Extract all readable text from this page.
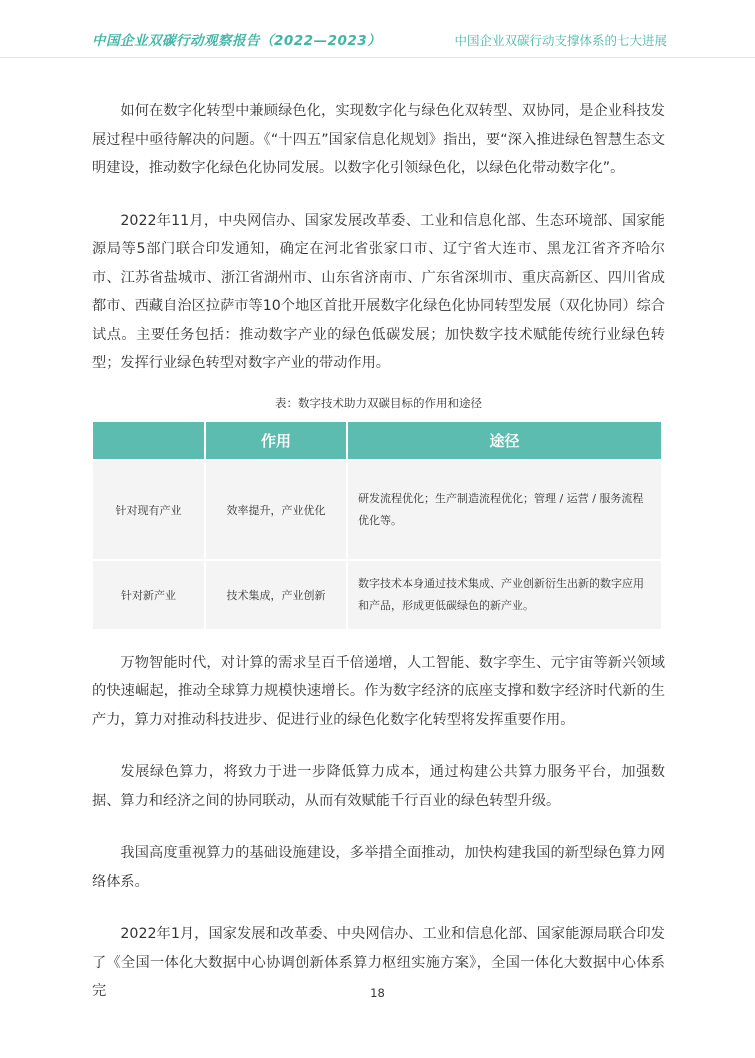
中国企业双碳行动观察报告（2022—2023）	中国企业双碳行动支撑体系的七大进展

如何在数字化转型中兼顾绿色化，实现数字化与绿色化双转型、双协同，是企业科技发展过程中亟待解决的问题。《“十四五”国家信息化规划》指出，要“深入推进绿色智慧生态文明建设，推动数字化绿色化协同发展。以数字化引领绿色化，以绿色化带动数字化”。

2022年11月，中央网信办、国家发展改革委、工业和信息化部、生态环境部、国家能源局等5部门联合印发通知，确定在河北省张家口市、辽宁省大连市、黑龙江省齐齐哈尔市、江苏省盐城市、浙江省湖州市、山东省济南市、广东省深圳市、重庆高新区、四川省成都市、西藏自治区拉萨市等10个地区首批开展数字化绿色化协同转型发展（双化协同）综合试点。主要任务包括：推动数字产业的绿色低碳发展；加快数字技术赋能传统行业绿色转型；发挥行业绿色转型对数字产业的带动作用。

表：数字技术助力双碳目标的作用和途径
	作用	途径
针对现有产业	效率提升，产业优化	研发流程优化；生产制造流程优化；管理 / 运营 / 服务流程优化等。
针对新产业	技术集成，产业创新	数字技术本身通过技术集成、产业创新衍生出新的数字应用和产品，形成更低碳绿色的新产业。

万物智能时代，对计算的需求呈百千倍递增，人工智能、数字孪生、元宇宙等新兴领域的快速崛起，推动全球算力规模快速增长。作为数字经济的底座支撑和数字经济时代新的生产力，算力对推动科技进步、促进行业的绿色化数字化转型将发挥重要作用。

发展绿色算力，将致力于进一步降低算力成本，通过构建公共算力服务平台，加强数据、算力和经济之间的协同联动，从而有效赋能千行百业的绿色转型升级。

我国高度重视算力的基础设施建设，多举措全面推动，加快构建我国的新型绿色算力网络体系。

2022年1月，国家发展和改革委、中央网信办、工业和信息化部、国家能源局联合印发了《全国一体化大数据中心协调创新体系算力枢纽实施方案》，全国一体化大数据中心体系完	18
